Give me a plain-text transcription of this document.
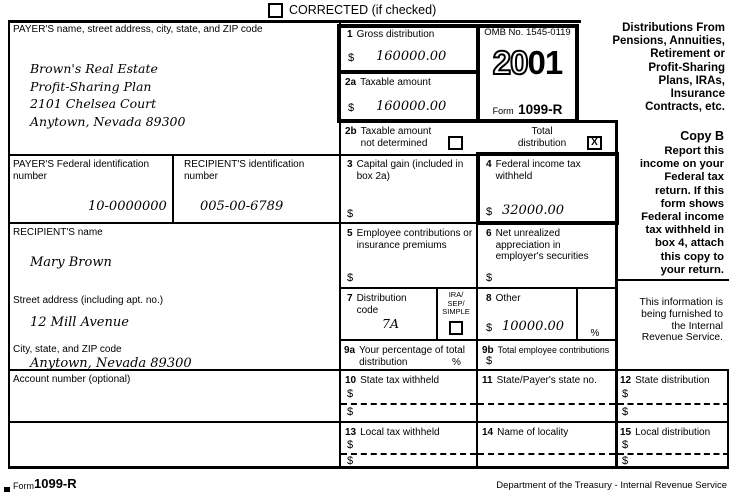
CORRECTED (if checked)
PAYER'S name, street address, city, state, and ZIP code
Brown's Real Estate
Profit-Sharing Plan
2101 Chelsea Court
Anytown, Nevada 89300
1 Gross distribution
$ 160000.00
2a Taxable amount
$ 160000.00
OMB No. 1545-0119
2001
Form 1099-R
Distributions From
Pensions, Annuities,
Retirement or
Profit-Sharing
Plans, IRAs,
Insurance
Contracts, etc.
2b Taxable amount
not determined
Total
distribution	X
3 Capital gain (included in box 2a)
$
4 Federal income tax withheld
$ 32000.00
5 Employee contributions or insurance premiums
$
6 Net unrealized appreciation in employer's securities
$
7 Distribution code
7A
IRA/
SEP/
SIMPLE
8 Other
$ 10000.00	%
9a Your percentage of total distribution	%
9b Total employee contributions
$
Copy B
Report this
income on your
Federal tax
return. If this
form shows
Federal income
tax withheld in
box 4, attach
this copy to
your return.
This information is
being furnished to
the Internal
Revenue Service.
PAYER'S Federal identification number
10-0000000
RECIPIENT'S identification number
005-00-6789
RECIPIENT'S name
Mary Brown
Street address (including apt. no.)
12 Mill Avenue
City, state, and ZIP code
Anytown, Nevada 89300
Account number (optional)	10 State tax withheld
$
$
11 State/Payer's state no. 12 State distribution
$
$
13 Local tax withheld
$
$
14 Name of locality	15 Local distribution
$
$
Form 1099-R	Department of the Treasury - Internal Revenue Service
